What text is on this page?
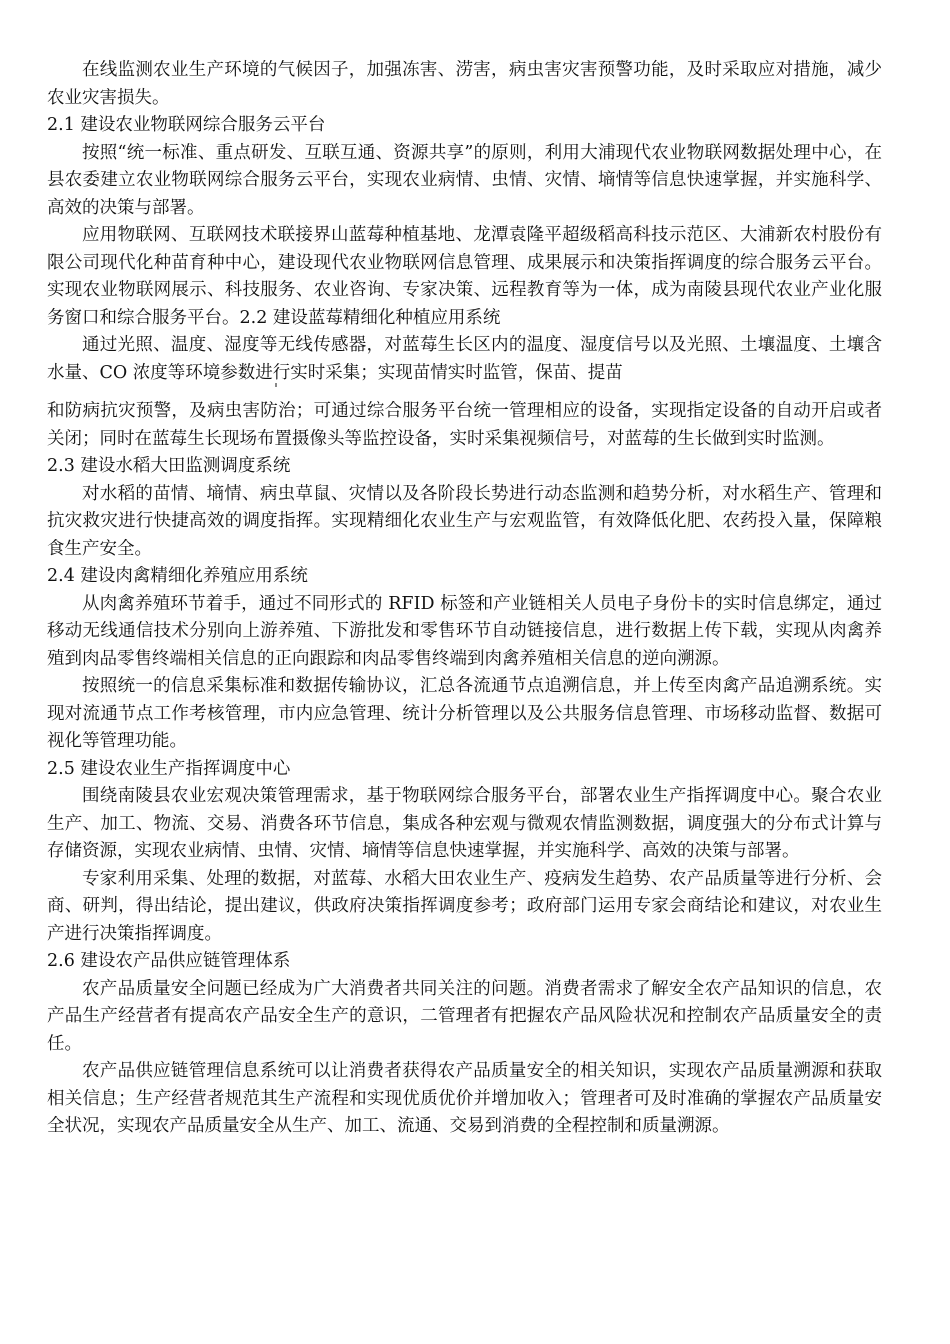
在线监测农业生产环境的气候因子，加强冻害、涝害，病虫害灾害预警功能，及时采取应对措施，减少农业灾害损失。

2.1 建设农业物联网综合服务云平台

按照“统一标准、重点研发、互联互通、资源共享”的原则，利用大浦现代农业物联网数据处理中心，在县农委建立农业物联网综合服务云平台，实现农业病情、虫情、灾情、墒情等信息快速掌握，并实施科学、高效的决策与部署。

应用物联网、互联网技术联接界山蓝莓种植基地、龙潭袁隆平超级稻高科技示范区、大浦新农村股份有限公司现代化种苗育种中心，建设现代农业物联网信息管理、成果展示和决策指挥调度的综合服务云平台。实现农业物联网展示、科技服务、农业咨询、专家决策、远程教育等为一体，成为南陵县现代农业产业化服务窗口和综合服务平台。2.2 建设蓝莓精细化种植应用系统

通过光照、温度、湿度等无线传感器，对蓝莓生长区内的温度、湿度信号以及光照、土壤温度、土壤含水量、CO 浓度等环境参数进行实时采集；实现苗情实时监管，保苗、提苗

和防病抗灾预警，及病虫害防治；可通过综合服务平台统一管理相应的设备，实现指定设备的自动开启或者关闭；同时在蓝莓生长现场布置摄像头等监控设备，实时采集视频信号，对蓝莓的生长做到实时监测。

2.3 建设水稻大田监测调度系统

对水稻的苗情、墒情、病虫草鼠、灾情以及各阶段长势进行动态监测和趋势分析，对水稻生产、管理和抗灾救灾进行快捷高效的调度指挥。实现精细化农业生产与宏观监管，有效降低化肥、农药投入量，保障粮食生产安全。

2.4 建设肉禽精细化养殖应用系统

从肉禽养殖环节着手，通过不同形式的 RFID 标签和产业链相关人员电子身份卡的实时信息绑定，通过移动无线通信技术分别向上游养殖、下游批发和零售环节自动链接信息，进行数据上传下载，实现从肉禽养殖到肉品零售终端相关信息的正向跟踪和肉品零售终端到肉禽养殖相关信息的逆向溯源。

按照统一的信息采集标准和数据传输协议，汇总各流通节点追溯信息，并上传至肉禽产品追溯系统。实现对流通节点工作考核管理，市内应急管理、统计分析管理以及公共服务信息管理、市场移动监督、数据可视化等管理功能。

2.5 建设农业生产指挥调度中心

围绕南陵县农业宏观决策管理需求，基于物联网综合服务平台，部署农业生产指挥调度中心。聚合农业生产、加工、物流、交易、消费各环节信息，集成各种宏观与微观农情监测数据，调度强大的分布式计算与存储资源，实现农业病情、虫情、灾情、墒情等信息快速掌握，并实施科学、高效的决策与部署。

专家利用采集、处理的数据，对蓝莓、水稻大田农业生产、疫病发生趋势、农产品质量等进行分析、会商、研判，得出结论，提出建议，供政府决策指挥调度参考；政府部门运用专家会商结论和建议，对农业生产进行决策指挥调度。

2.6 建设农产品供应链管理体系

农产品质量安全问题已经成为广大消费者共同关注的问题。消费者需求了解安全农产品知识的信息，农产品生产经营者有提高农产品安全生产的意识，二管理者有把握农产品风险状况和控制农产品质量安全的责任。

农产品供应链管理信息系统可以让消费者获得农产品质量安全的相关知识，实现农产品质量溯源和获取相关信息；生产经营者规范其生产流程和实现优质优价并增加收入；管理者可及时准确的掌握农产品质量安全状况，实现农产品质量安全从生产、加工、流通、交易到消费的全程控制和质量溯源。
